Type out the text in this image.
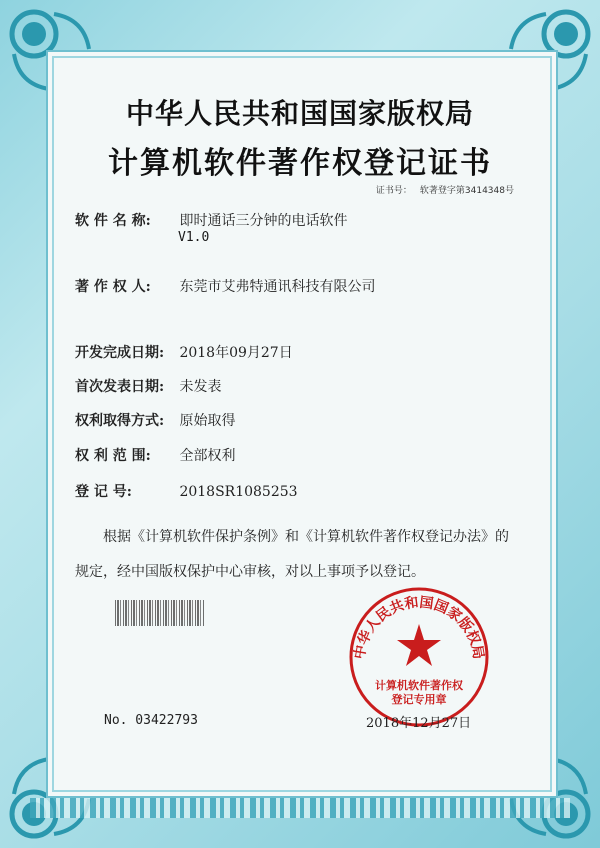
中华人民共和国国家版权局
计算机软件著作权登记证书
证书号： 软著登字第3414348号
软 件 名 称: 即时通话三分钟的电话软件
V1.0
著 作 权 人: 东莞市艾弗特通讯科技有限公司
开发完成日期: 2018年09月27日
首次发表日期: 未发表
权利取得方式: 原始取得
权 利 范 围: 全部权利
登 记 号:	2018SR1085253
根据《计算机软件保护条例》和《计算机软件著作权登记办法》的
规定，经中国版权保护中心审核，对以上事项予以登记。
中华人民共和国国家版权局
计算机软件著作权
登记专用章
No. 03422793	2018年12月27日
